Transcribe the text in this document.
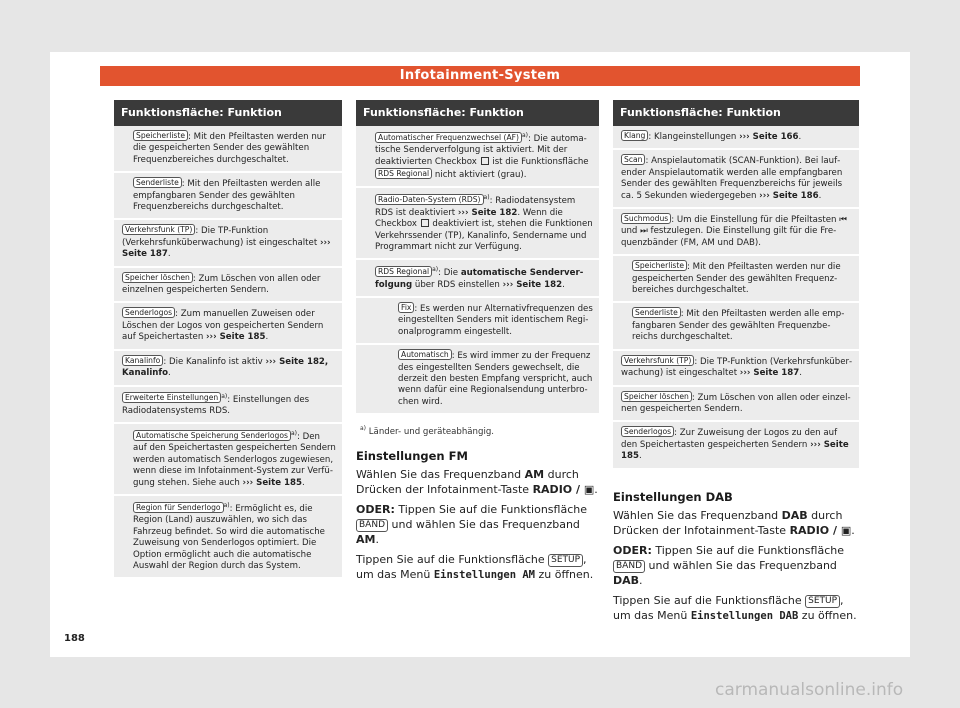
Infotainment-System
Funktionsfläche: Funktion
Speicherliste : Mit den Pfeiltasten werden nur die gespeicherten Sender des gewählten Frequenzbereiches durchgeschaltet.
Senderliste : Mit den Pfeiltasten werden alle empfangbaren Sender des gewählten Frequenzbereichs durchgeschaltet.
Verkehrsfunk (TP) : Die TP-Funktion (Verkehrsfunküberwachung) ist eingeschaltet ››› Seite 187.
Speicher löschen : Zum Löschen von allen oder einzelnen gespeicherten Sendern.
Senderlogos : Zum manuellen Zuweisen oder Löschen der Logos von gespeicherten Sendern auf Speichertasten ››› Seite 185.
Kanalinfo : Die Kanalinfo ist aktiv ››› Seite 182, Kanalinfo.
Erweiterte Einstellungen $^{a)}$: Einstellungen des Radiodatensystems RDS.
Automatische Speicherung Senderlogos $^{a)}$: Den auf den Speichertasten gespeicherten Sendern werden automatisch Senderlogos zugewiesen, wenn diese im Infotainment-System zur Verfügung stehen. Siehe auch ››› Seite 185.
Region für Senderlogo $^{a)}$: Ermöglicht es, die Region (Land) auszuwählen, wo sich das Fahrzeug befindet. So wird die automatische Zuweisung von Senderlogos optimiert. Die Option ermöglicht auch die automatische Auswahl der Region durch das System.
Funktionsfläche: Funktion
Automatischer Frequenzwechsel (AF) $^{a)}$: Die automatische Senderverfolgung ist aktiviert. Mit der deaktivierten Checkbox  ist die Funktionsfläche RDS Regional nicht aktiviert (grau).
Radio-Daten-System (RDS) $^{a)}$: Radiodatensystem RDS ist deaktiviert ››› Seite 182. Wenn die Checkbox  deaktiviert ist, stehen die Funktionen Verkehrssender (TP), Kanalinfo, Sendername und Programmart nicht zur Verfügung.
RDS Regional $^{a)}$: Die automatische Senderverfolgung über RDS einstellen ››› Seite 182.
Fix : Es werden nur Alternativfrequenzen des eingestellten Senders mit identischem Regionalprogramm eingestellt.
Automatisch : Es wird immer zu der Frequenz des eingestellten Senders gewechselt, die derzeit den besten Empfang verspricht, auch wenn dafür eine Regionalsendung unterbrochen wird.
$^{a)}$ Länder- und geräteabhängig.
Einstellungen FM

Wählen Sie das Frequenzband AM durch Drücken der Infotainment-Taste RADIO / ▣.

ODER: Tippen Sie auf die Funktionsfläche BAND und wählen Sie das Frequenzband AM.

Tippen Sie auf die Funktionsfläche SETUP , um das Menü Einstellungen AM zu öffnen.

Funktionsfläche: Funktion
Klang : Klangeinstellungen ››› Seite 166.
Scan : Anspielautomatik (SCAN-Funktion). Bei laufender Anspielautomatik werden alle empfangbaren Sender des gewählten Frequenzbereichs für jeweils ca. 5 Sekunden wiedergegeben ››› Seite 186.
Suchmodus : Um die Einstellung für die Pfeiltasten ⏮ und ⏭ festzulegen. Die Einstellung gilt für die Frequenzbänder (FM, AM und DAB).
Speicherliste : Mit den Pfeiltasten werden nur die gespeicherten Sender des gewählten Frequenzbereiches durchgeschaltet.
Senderliste : Mit den Pfeiltasten werden alle empfangbaren Sender des gewählten Frequenzbereichs durchgeschaltet.
Verkehrsfunk (TP) : Die TP-Funktion (Verkehrsfunküberwachung) ist eingeschaltet ››› Seite 187.
Speicher löschen : Zum Löschen von allen oder einzelnen gespeicherten Sendern.
Senderlogos : Zur Zuweisung der Logos zu den auf den Speichertasten gespeicherten Sendern ››› Seite 185.
Einstellungen DAB

Wählen Sie das Frequenzband DAB durch Drücken der Infotainment-Taste RADIO / ▣.

ODER: Tippen Sie auf die Funktionsfläche BAND und wählen Sie das Frequenzband DAB.

Tippen Sie auf die Funktionsfläche SETUP , um das Menü Einstellungen DAB zu öffnen.

188
carmanualsonline.info
